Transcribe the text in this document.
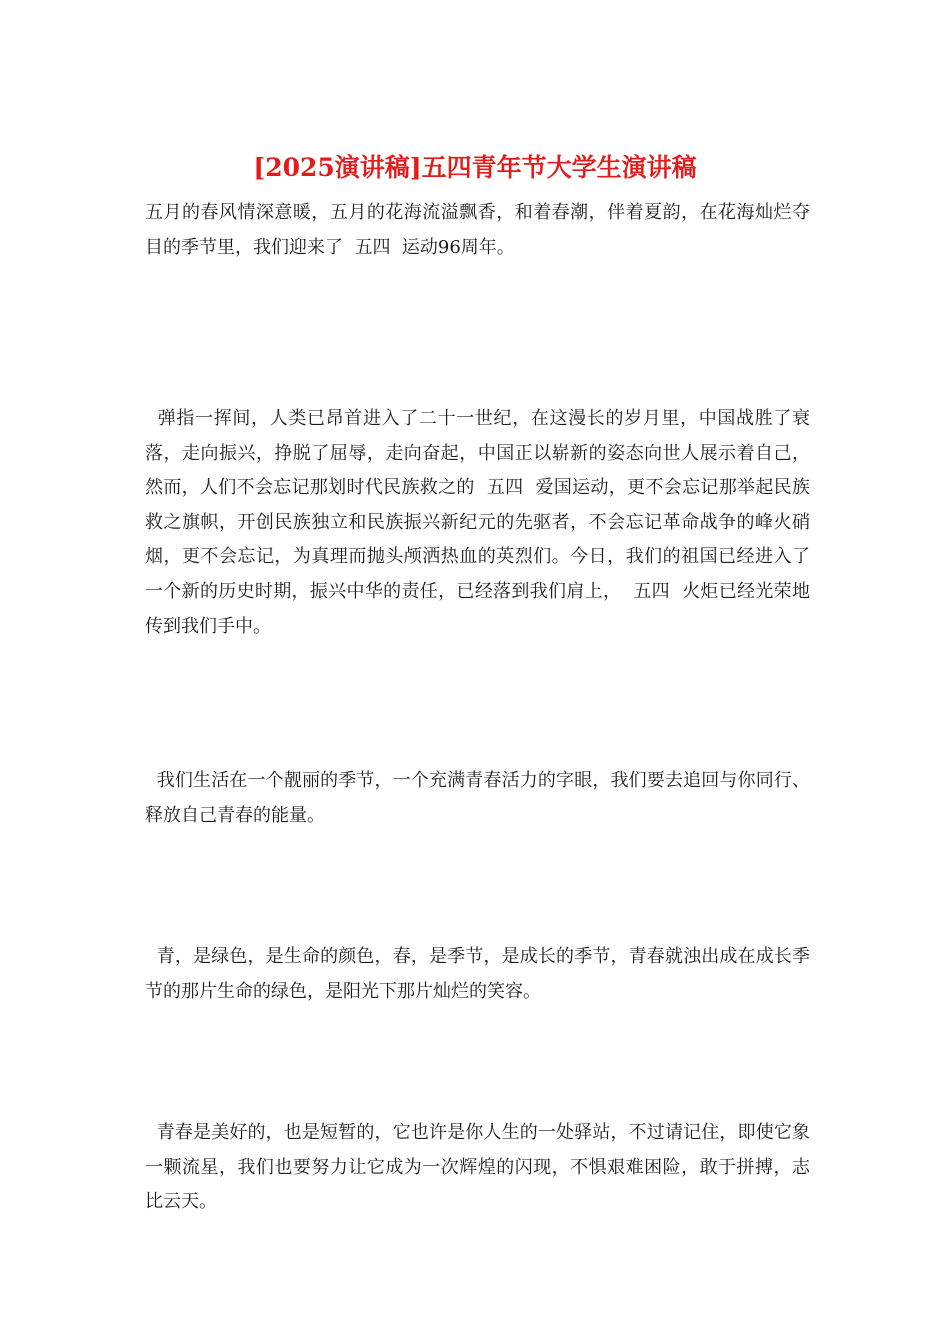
[2025演讲稿]五四青年节大学生演讲稿

五月的春风情深意暖，五月的花海流溢飘香，和着春潮，伴着夏韵，在花海灿烂夺目的季节里，我们迎来了  五四  运动96周年。

弹指一挥间，人类已昂首进入了二十一世纪，在这漫长的岁月里，中国战胜了衰落，走向振兴，挣脱了屈辱，走向奋起，中国正以崭新的姿态向世人展示着自己，然而，人们不会忘记那划时代民族救之的  五四  爱国运动，更不会忘记那举起民族救之旗帜，开创民族独立和民族振兴新纪元的先驱者，不会忘记革命战争的峰火硝烟，更不会忘记，为真理而抛头颅洒热血的英烈们。今日，我们的祖国已经进入了一个新的历史时期，振兴中华的责任，已经落到我们肩上，  五四  火炬已经光荣地传到我们手中。

我们生活在一个靓丽的季节，一个充满青春活力的字眼，我们要去追回与你同行、释放自己青春的能量。

青，是绿色，是生命的颜色，春，是季节，是成长的季节，青春就浊出成在成长季节的那片生命的绿色，是阳光下那片灿烂的笑容。

青春是美好的，也是短暂的，它也许是你人生的一处驿站，不过请记住，即使它象一颗流星，我们也要努力让它成为一次辉煌的闪现，不惧艰难困险，敢于拼搏，志比云天。
